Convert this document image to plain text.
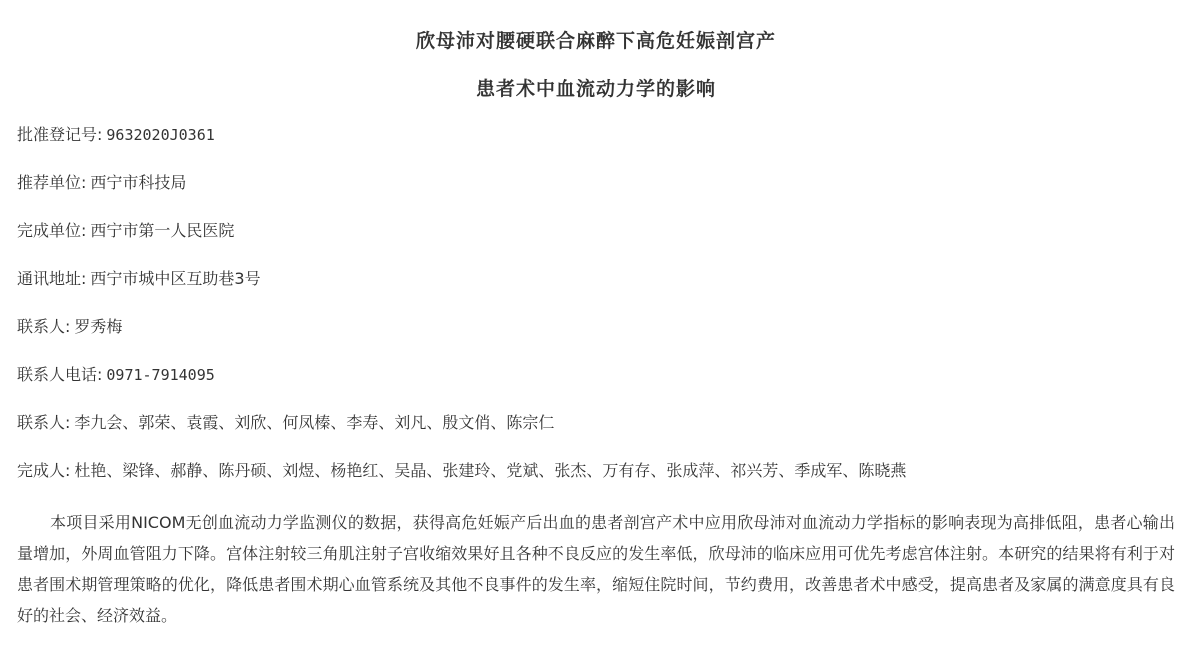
欣母沛对腰硬联合麻醉下高危妊娠剖宫产
患者术中血流动力学的影响
批准登记号: 9632020J0361
推荐单位: 西宁市科技局
完成单位: 西宁市第一人民医院
通讯地址: 西宁市城中区互助巷3号
联系人: 罗秀梅
联系人电话: 0971-7914095
联系人: 李九会、郭荣、袁霞、刘欣、何凤榛、李寿、刘凡、殷文俏、陈宗仁
完成人: 杜艳、梁锋、郝静、陈丹硕、刘煜、杨艳红、吴晶、张建玲、党斌、张杰、万有存、张成萍、祁兴芳、季成军、陈晓燕
本项目采用NICOM无创血流动力学监测仪的数据，获得高危妊娠产后出血的患者剖宫产术中应用欣母沛对血流动力学指标的影响表现为高排低阻，患者心输出量增加，外周血管阻力下降。宫体注射较三角肌注射子宫收缩效果好且各种不良反应的发生率低，欣母沛的临床应用可优先考虑宫体注射。本研究的结果将有利于对患者围术期管理策略的优化，降低患者围术期心血管系统及其他不良事件的发生率，缩短住院时间，节约费用，改善患者术中感受，提高患者及家属的满意度具有良好的社会、经济效益。
